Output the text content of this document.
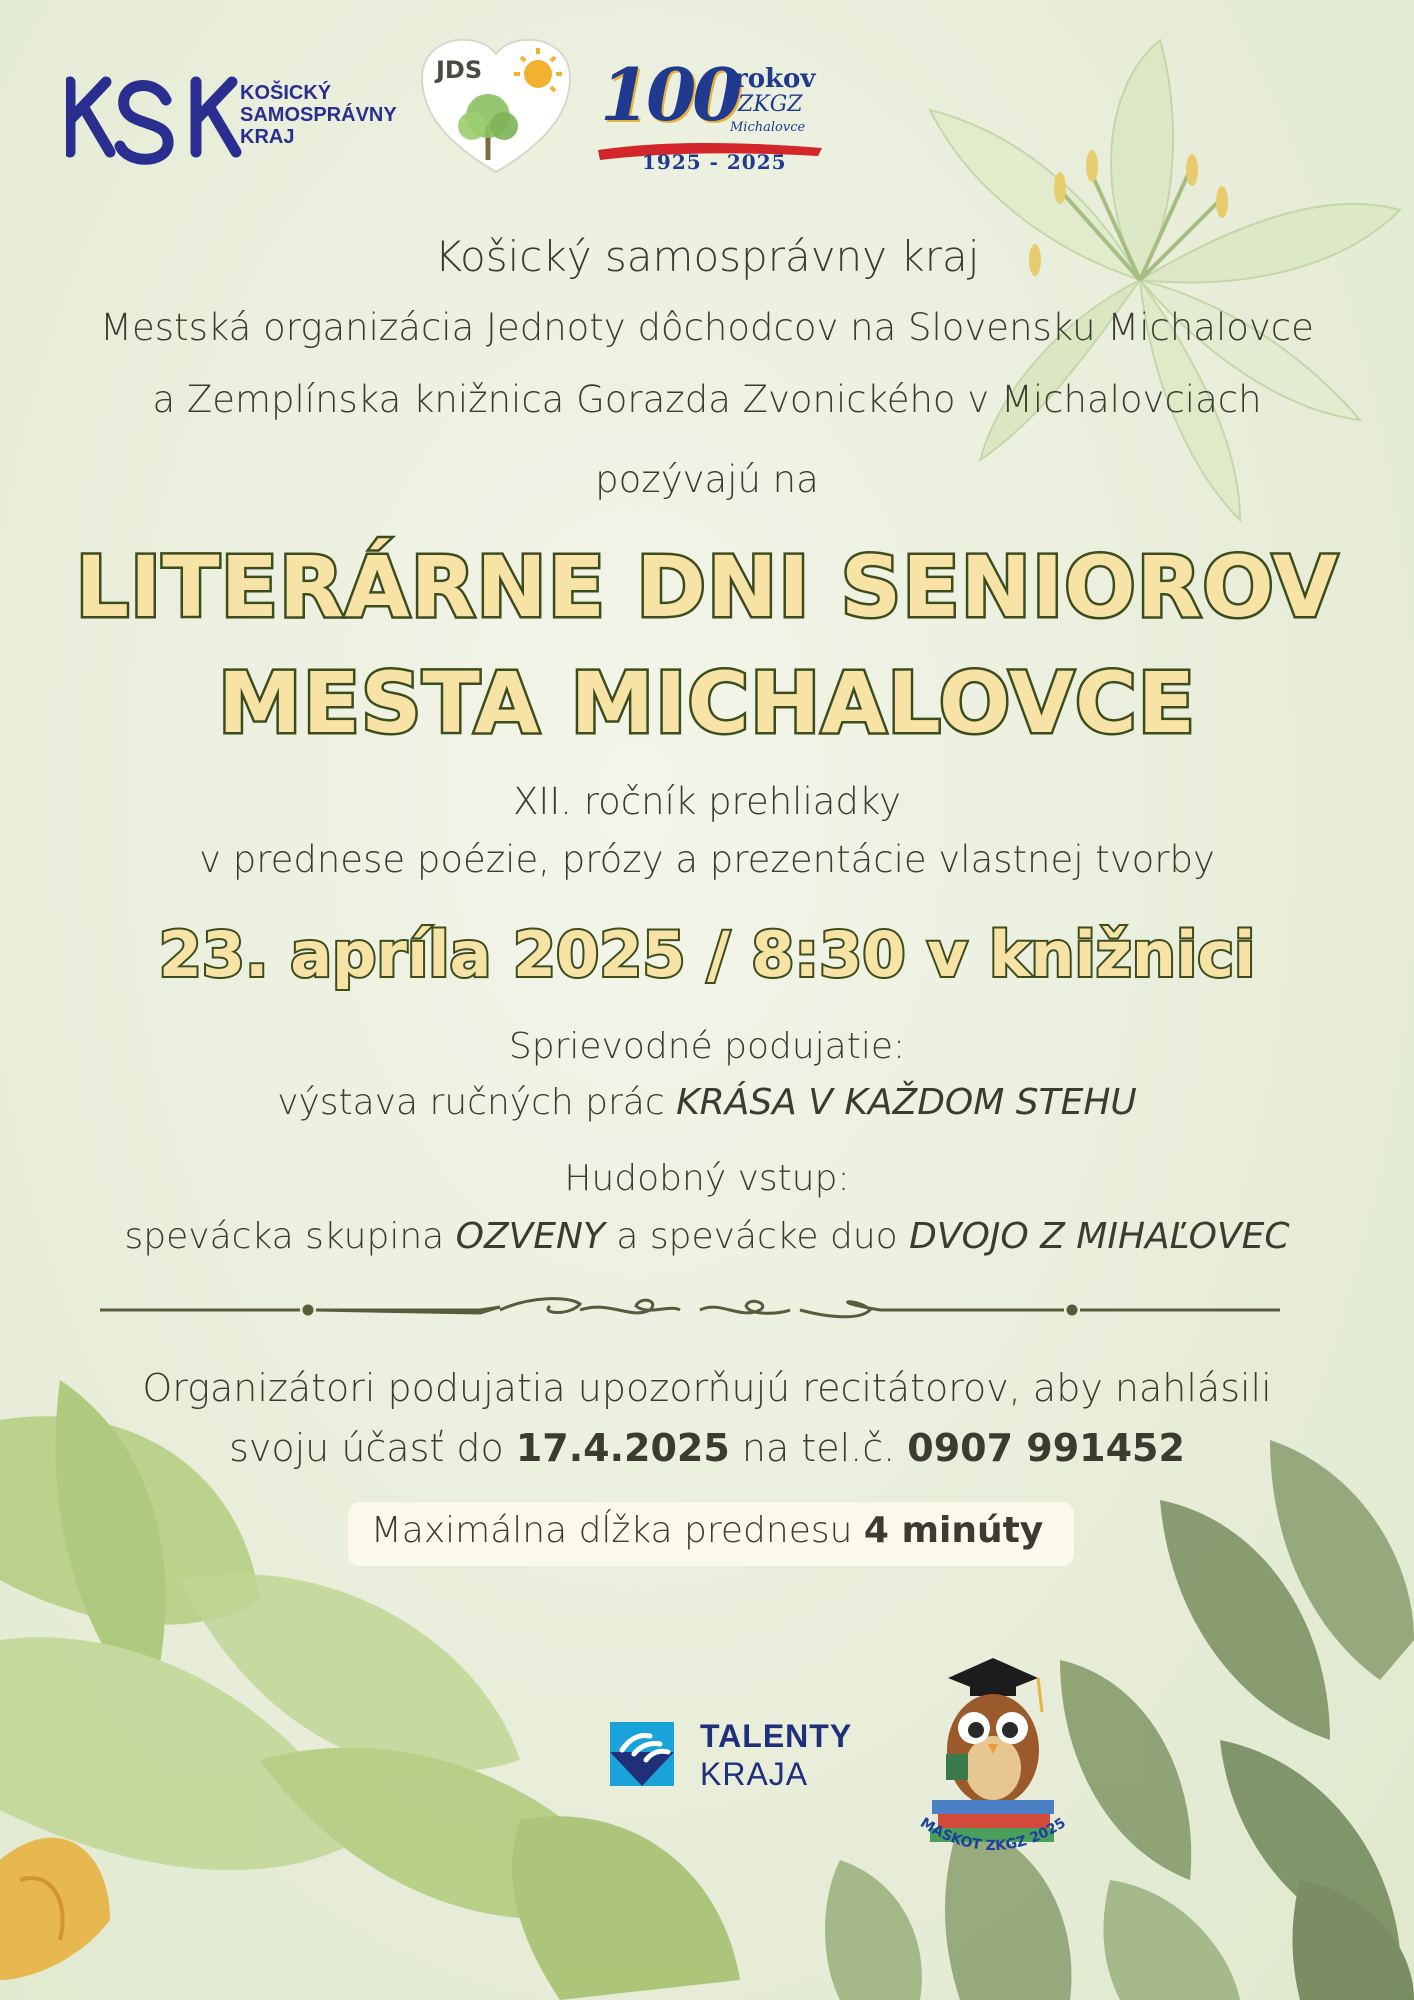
KOŠICKÝ
SAMOSPRÁVNY
KRAJ
JDS 100
rokov
ZKGZ
Michalovce
1925 - 2025
Košický samosprávny kraj
Mestská organizácia Jednoty dôchodcov na Slovensku Michalovce
a Zemplínska knižnica Gorazda Zvonického v Michalovciach
pozývajú na
LITERÁRNE DNI SENIOROV
MESTA MICHALOVCE
XII. ročník prehliadky
v prednese poézie, prózy a prezentácie vlastnej tvorby
23. apríla 2025 / 8:30 v knižnici
Sprievodné podujatie:
výstava ručných prác KRÁSA V KAŽDOM STEHU
Hudobný vstup:
spevácka skupina OZVENY a spevácke duo DVOJO Z MIHAĽOVEC
Organizátori podujatia upozorňujú recitátorov, aby nahlásili
svoju účasť do 17.4.2025 na tel.č. 0907 991452
Maximálna dĺžka prednesu 4 minúty
TALENTY
KRAJA
MASKOT ZKGZ 2025
